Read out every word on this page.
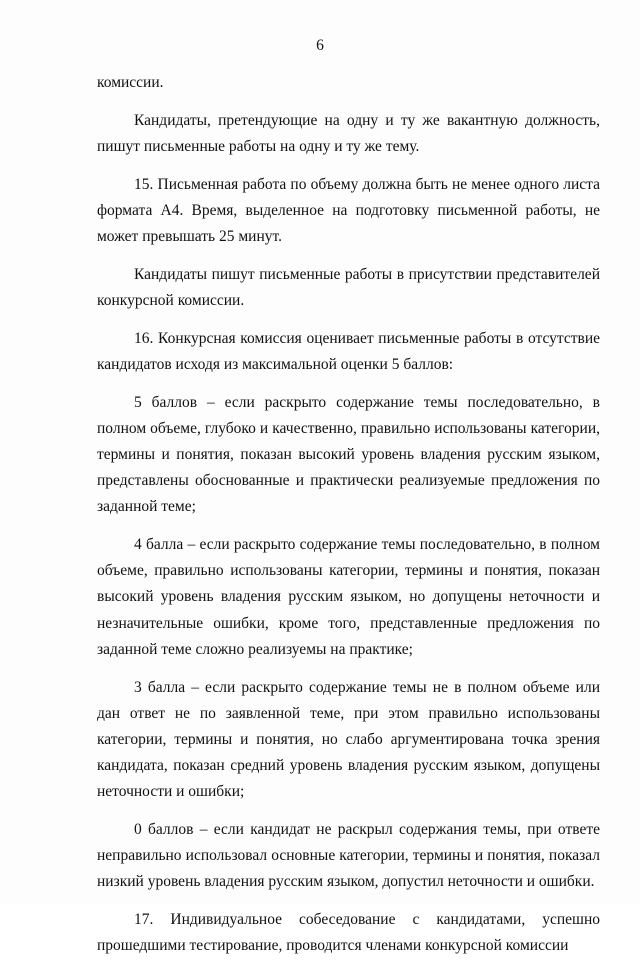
6

комиссии.

Кандидаты, претендующие на одну и ту же вакантную должность, пишут письменные работы на одну и ту же тему.

15. Письменная работа по объему должна быть не менее одного листа формата А4. Время, выделенное на подготовку письменной работы, не может превышать 25 минут.

Кандидаты пишут письменные работы в присутствии представителей конкурсной комиссии.

16. Конкурсная комиссия оценивает письменные работы в отсутствие кандидатов исходя из максимальной оценки 5 баллов:

5 баллов – если раскрыто содержание темы последовательно, в полном объеме, глубоко и качественно, правильно использованы категории, термины и понятия, показан высокий уровень владения русским языком, представлены обоснованные и практически реализуемые предложения по заданной теме;

4 балла – если раскрыто содержание темы последовательно, в полном объеме, правильно использованы категории, термины и понятия, показан высокий уровень владения русским языком, но допущены неточности и незначительные ошибки, кроме того, представленные предложения по заданной теме сложно реализуемы на практике;

3 балла – если раскрыто содержание темы не в полном объеме или дан ответ не по заявленной теме, при этом правильно использованы категории, термины и понятия, но слабо аргументирована точка зрения кандидата, показан средний уровень владения русским языком, допущены неточности и ошибки;

0 баллов – если кандидат не раскрыл содержания темы, при ответе неправильно использовал основные категории, термины и понятия, показал низкий уровень владения русским языком, допустил неточности и ошибки.

17. Индивидуальное собеседование с кандидатами, успешно прошедшими тестирование, проводится членами конкурсной комиссии
